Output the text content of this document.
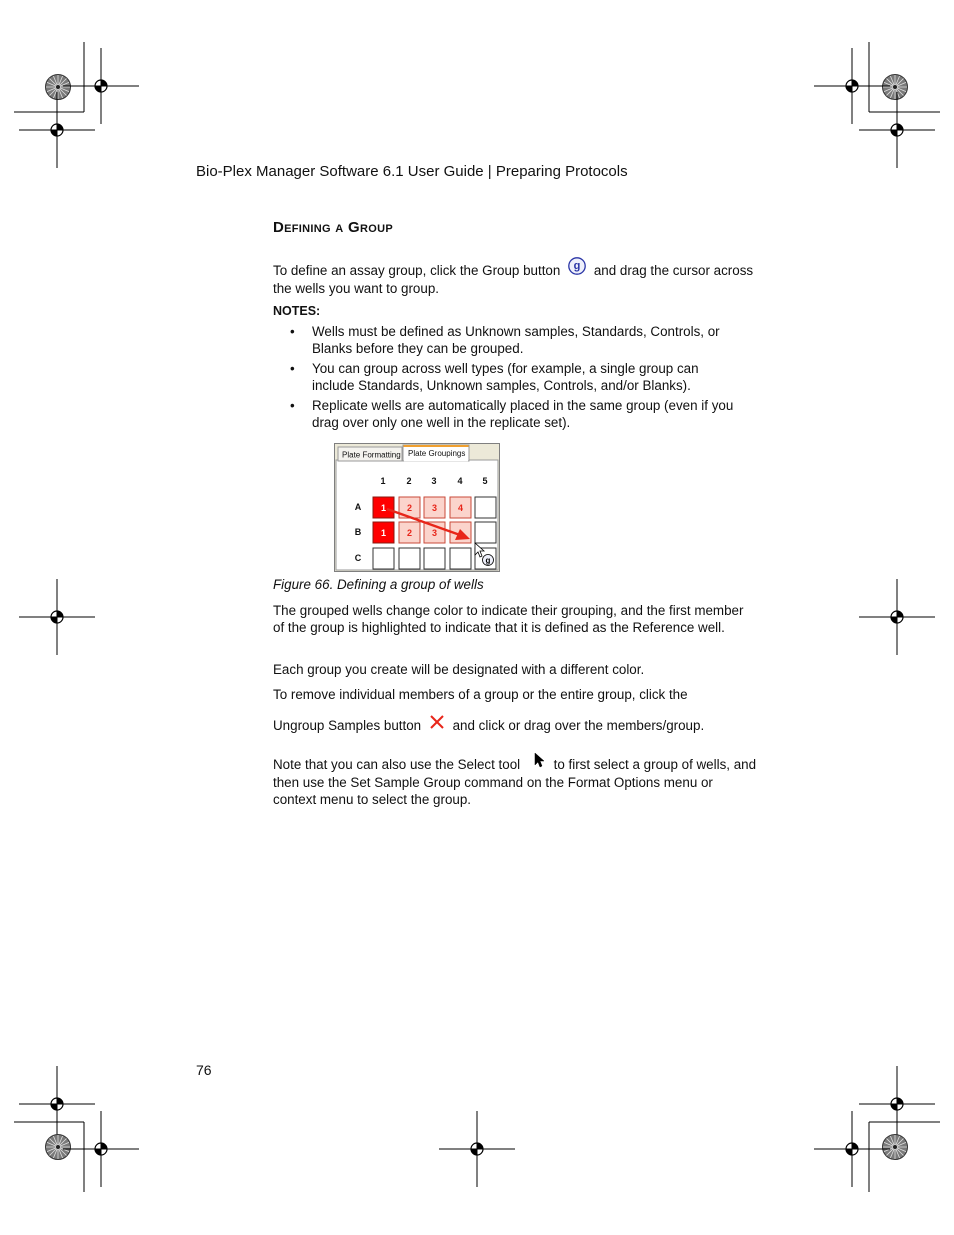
Bio-Plex Manager Software 6.1 User Guide | Preparing Protocols
Defining a Group
To define an assay group, click the Group button g and drag the cursor across the wells you want to group.
NOTES:
• Wells must be defined as Unknown samples, Standards, Controls, or Blanks before they can be grouped.
• You can group across well types (for example, a single group can include Standards, Unknown samples, Controls, and/or Blanks).
• Replicate wells are automatically placed in the same group (even if you drag over only one well in the replicate set).
Plate Formatting Plate Groupings
1 2 3 4 5
A
B
C
1 2 3 4
1 2 3
g
Figure 66. Defining a group of wells
The grouped wells change color to indicate their grouping, and the first member of the group is highlighted to indicate that it is defined as the Reference well.
Each group you create will be designated with a different color.
To remove individual members of a group or the entire group, click the
Ungroup Samples button and click or drag over the members/group.
Note that you can also use the Select tool to first select a group of wells, and then use the Set Sample Group command on the Format Options menu or context menu to select the group.
76
